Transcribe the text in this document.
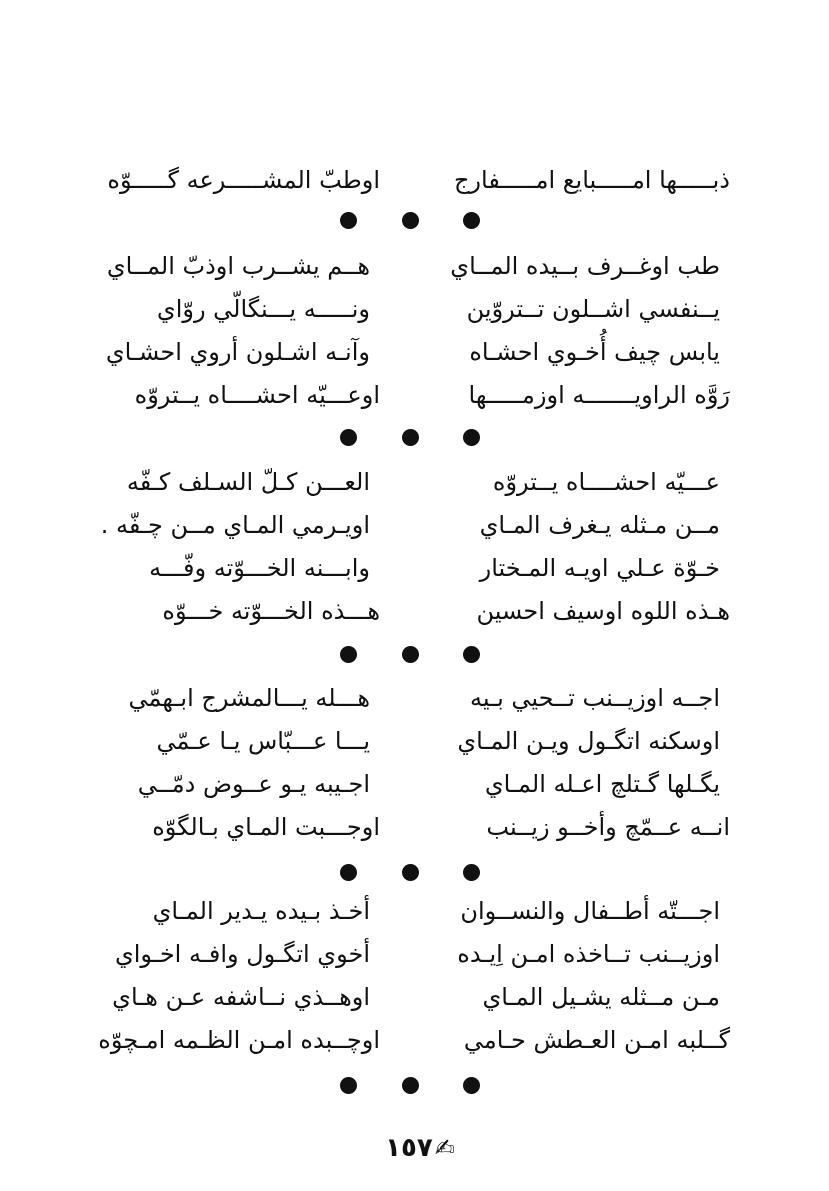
ذبـــــها امـــــبايع امـــــفارج
اوطبّ المشـــــرعه گـــــوّه
طب اوغــرف بــيده المــاي
هــم يشــرب اوذبّ المــاي
يــنفسي اشــلون تــتروّين
ونـــــه يـــنگالّي روّاي
يابس چيف أُخـوي احشـاه
وآنـه اشـلون أروي احشـاي
رَوَّه الراويـــــــه اوزمـــــها
اوعـــيّه احشــــاه يــتروّه
عـــيّه احشــــاه يــتروّه
العـــن كـلّ السـلف كـفّه
مــن مـثله يـغرف المـاي
اويـرمي المـاي مــن چـفّه .
خـوّة عـلي اويـه المـختار
وابـــنه الخـــوّته وفّـــه
هـذه اللوه اوسيف احسين
هـــذه الخـــوّته خـــوّه
اجــه اوزيــنب تــحيي بـيه
هـــله يـــالمشرج ابـهمّي
اوسكنه اتگـول ويـن المـاي
يـــا عـــبّاس يـا عـمّي
يگـلها گـتلچ اعـله المـاي
اجـيبه يـو عــوض دمّــي
انــه عــمّچ وأخــو زيــنب
اوجـــبت المـاي بـالگوّه
اجـــتّه أطــفال والنســوان
أخـذ بـيده يـدير المـاي
اوزيــنب تــاخذه امـن اِيـده
أخوي اتگـول وافـه اخـواي
مـن مــثله يشـيل المـاي
اوهــذي نــاشفه عـن هـاي
گــلبه امـن العـطش حـامي
اوچــبده امـن الظـمه امـچوّه
١٥٧ ✍
